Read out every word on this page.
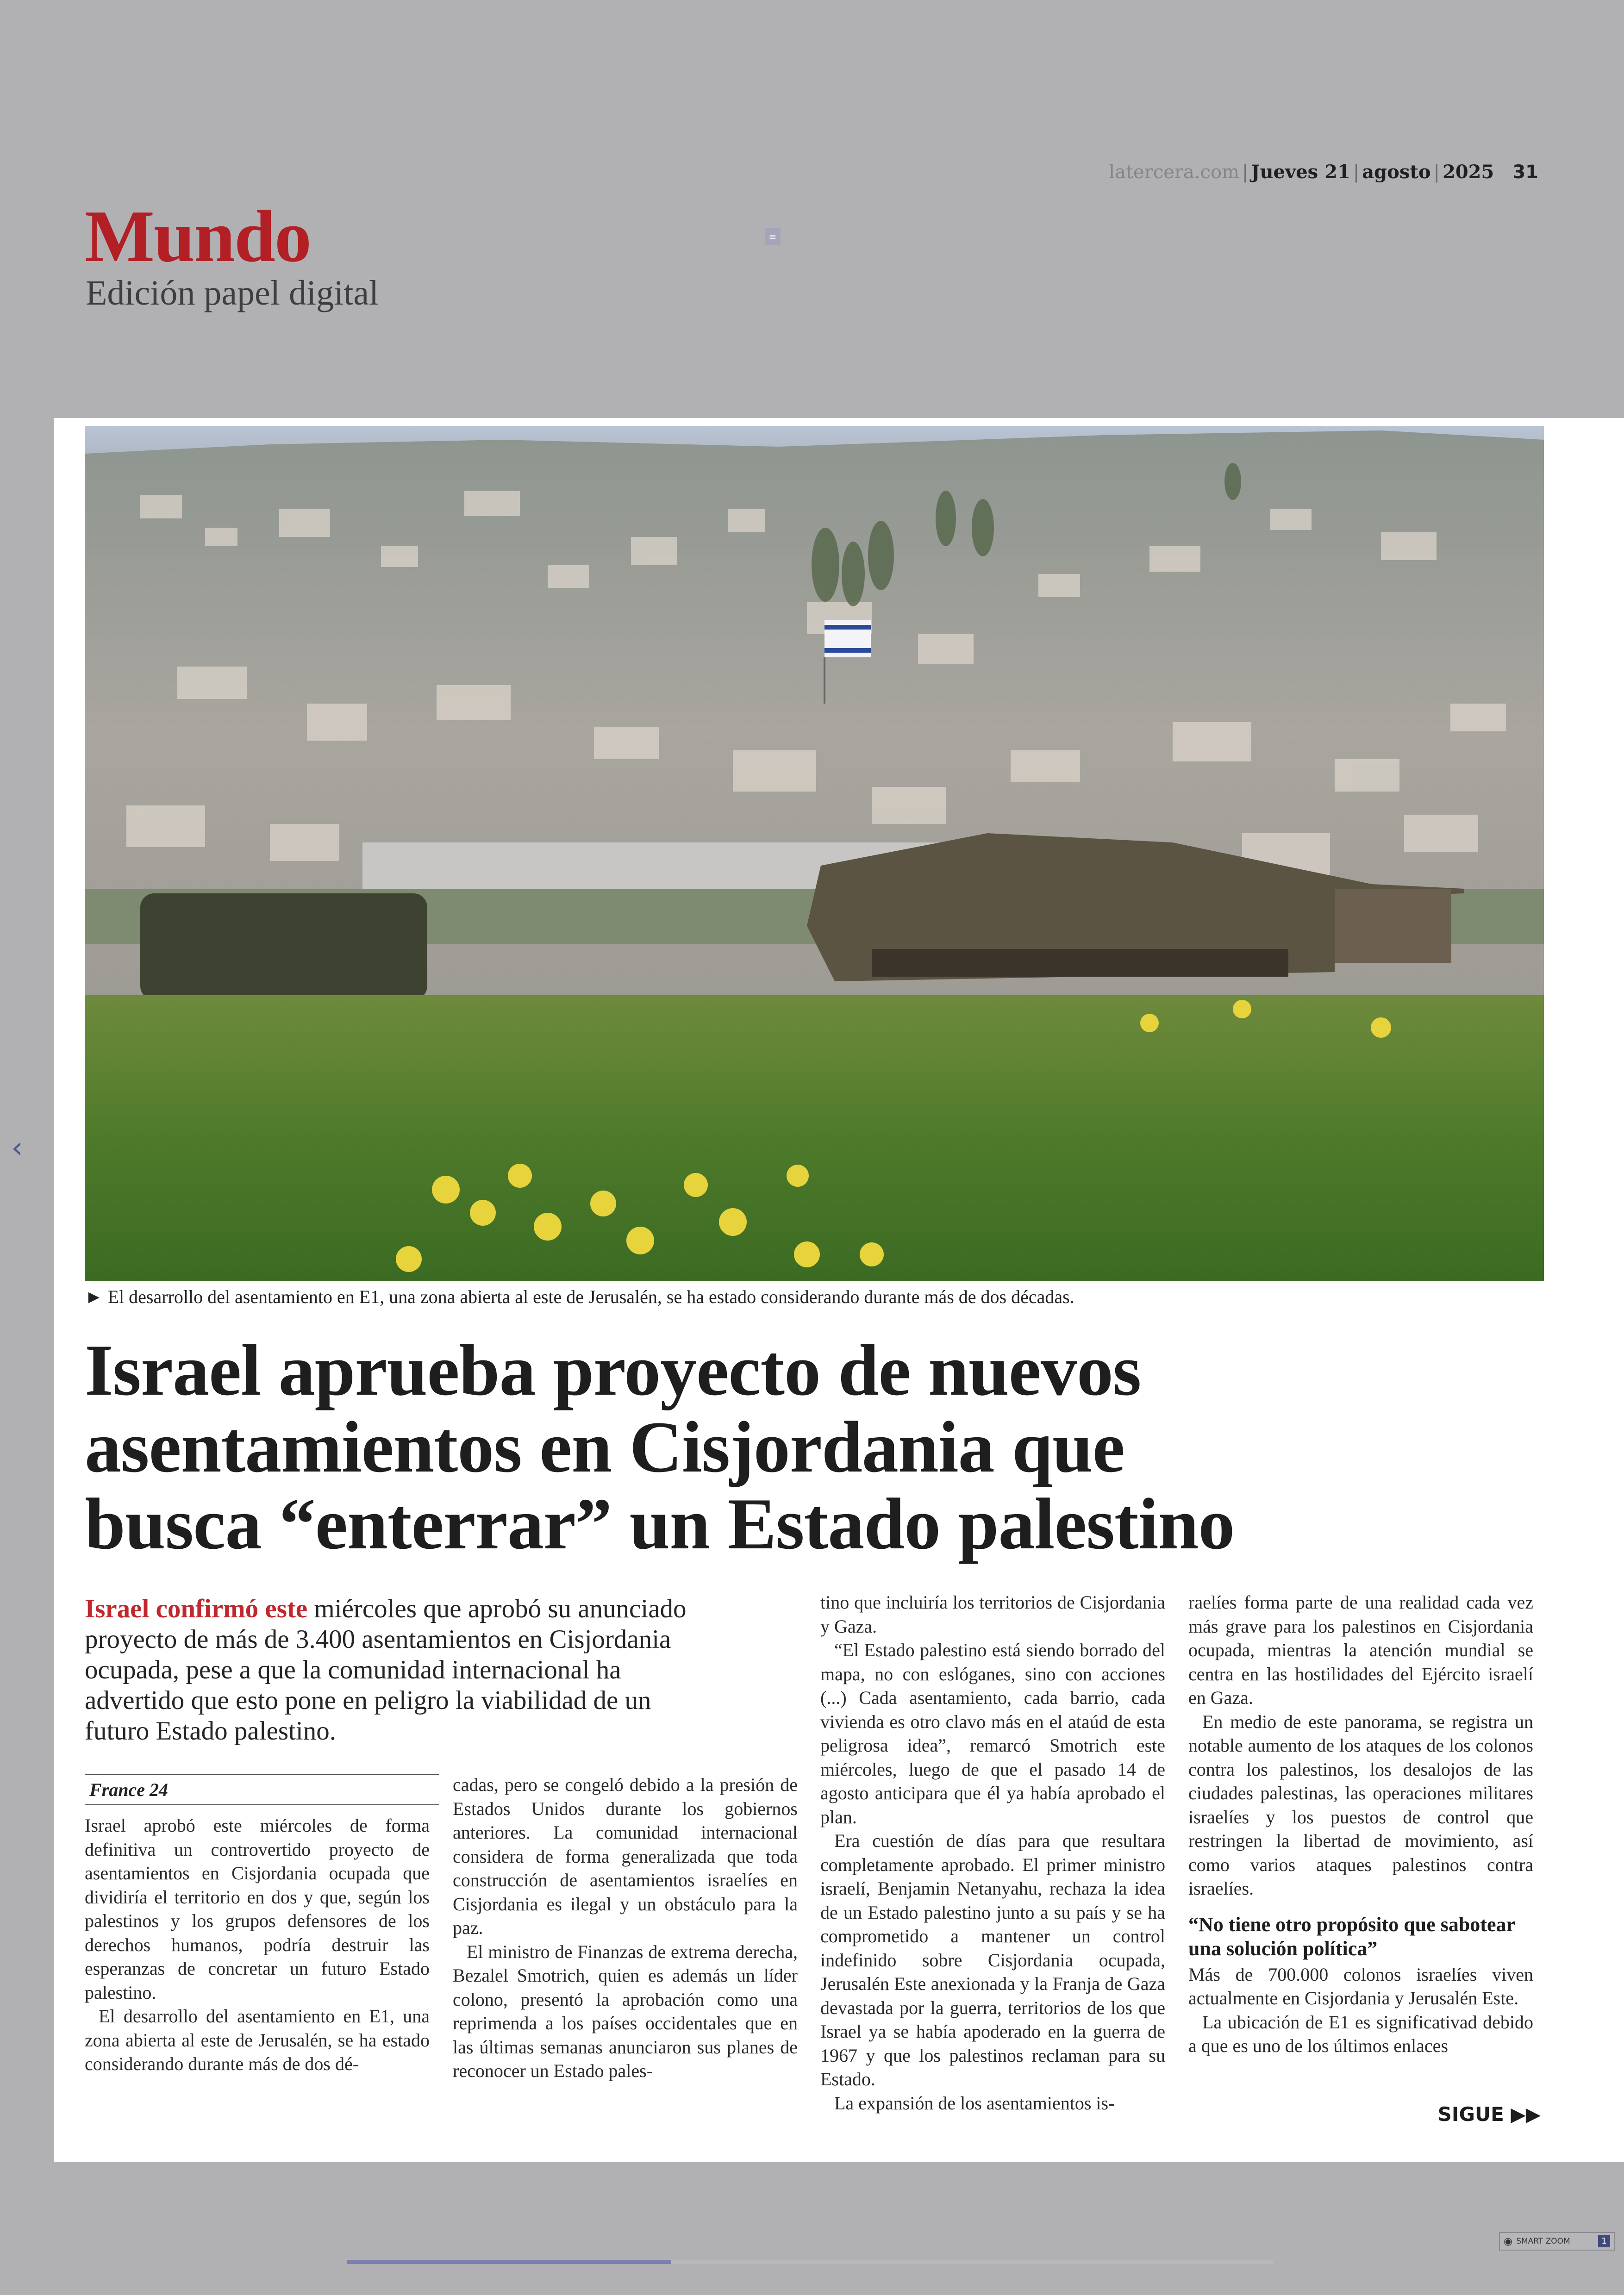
latercera.com | Jueves 21 | agosto | 2025 31
Mundo
Edición papel digital
≡
‹
► El desarrollo del asentamiento en E1, una zona abierta al este de Jerusalén, se ha estado considerando durante más de dos décadas.
Israel aprueba proyecto de nuevos
asentamientos en Cisjordania que
busca “enterrar” un Estado palestino
Israel confirmó este miércoles que aprobó su anunciado proyecto de más de 3.400 asentamientos en Cisjordania ocupada, pese a que la comunidad internacional ha advertido que esto pone en peligro la viabilidad de un futuro Estado palestino.
France 24

Israel aprobó este miércoles de forma definitiva un controvertido proyecto de asentamientos en Cisjordania ocupada que dividiría el territorio en dos y que, según los palestinos y los grupos defensores de los derechos humanos, podría destruir las esperanzas de concretar un futuro Estado palestino.

El desarrollo del asentamiento en E1, una zona abierta al este de Jerusalén, se ha estado considerando durante más de dos dé-

cadas, pero se congeló debido a la presión de Estados Unidos durante los gobiernos anteriores. La comunidad internacional considera de forma generalizada que toda construcción de asentamientos israelíes en Cisjordania es ilegal y un obstáculo para la paz.

El ministro de Finanzas de extrema derecha, Bezalel Smotrich, quien es además un líder colono, presentó la aprobación como una reprimenda a los países occidentales que en las últimas semanas anunciaron sus planes de reconocer un Estado pales-

tino que incluiría los territorios de Cisjordania y Gaza.

“El Estado palestino está siendo borrado del mapa, no con eslóganes, sino con acciones (...) Cada asentamiento, cada barrio, cada vivienda es otro clavo más en el ataúd de esta peligrosa idea”, remarcó Smotrich este miércoles, luego de que el pasado 14 de agosto anticipara que él ya había aprobado el plan.

Era cuestión de días para que resultara completamente aprobado. El primer ministro israelí, Benjamin Netanyahu, rechaza la idea de un Estado palestino junto a su país y se ha comprometido a mantener un control indefinido sobre Cisjordania ocupada, Jerusalén Este anexionada y la Franja de Gaza devastada por la guerra, territorios de los que Israel ya se había apoderado en la guerra de 1967 y que los palestinos reclaman para su Estado.

La expansión de los asentamientos is-

raelíes forma parte de una realidad cada vez más grave para los palestinos en Cisjordania ocupada, mientras la atención mundial se centra en las hostilidades del Ejército israelí en Gaza.

En medio de este panorama, se registra un notable aumento de los ataques de los colonos contra los palestinos, los desalojos de las ciudades palestinas, las operaciones militares israelíes y los puestos de control que restringen la libertad de movimiento, así como varios ataques palestinos contra israelíes.

“No tiene otro propósito que sabotear una solución política”

Más de 700.000 colonos israelíes viven actualmente en Cisjordania y Jerusalén Este.

La ubicación de E1 es significativad debido a que es uno de los últimos enlaces

SIGUE ▶▶
◉ SMART ZOOM	1
